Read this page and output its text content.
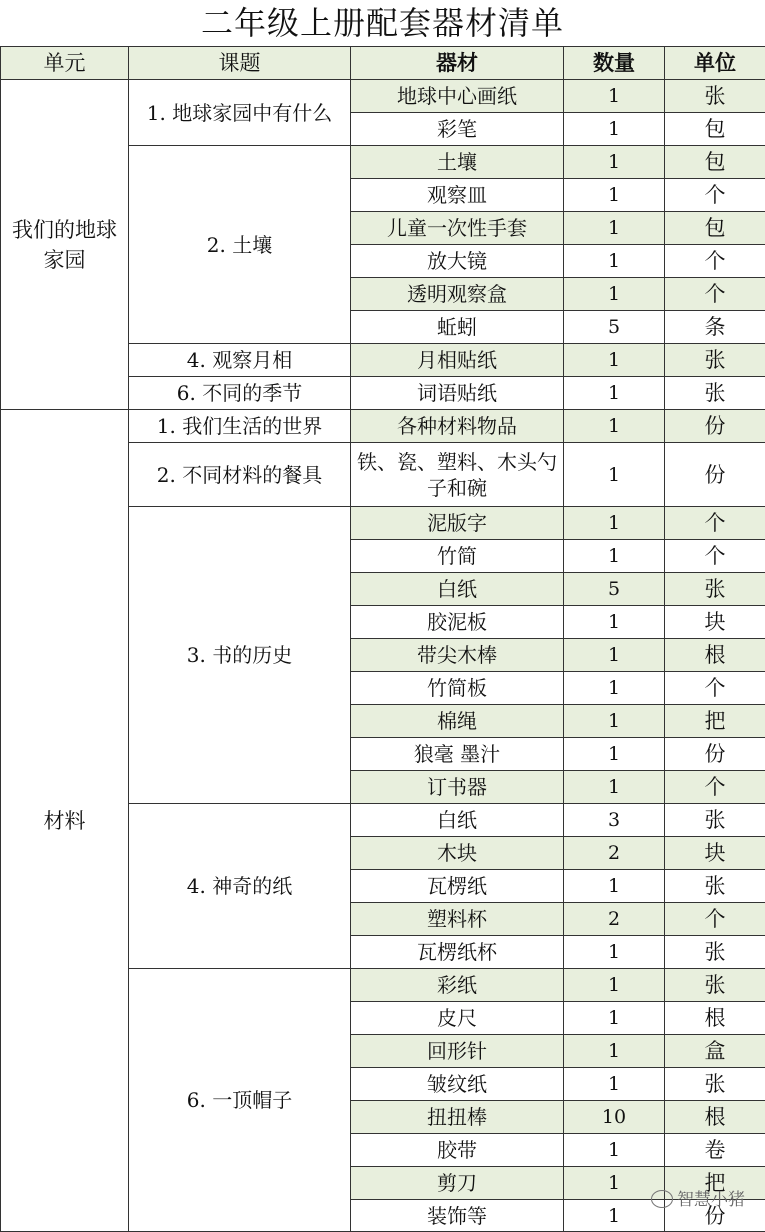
二年级上册配套器材清单
单元	课题	器材	数量	单位
我们的地球家园	1. 地球家园中有什么	地球中心画纸	1	张
		彩笔	1	包
	2. 土壤	土壤	1	包
		观察皿	1	个
		儿童一次性手套	1	包
		放大镜	1	个
		透明观察盒	1	个
		蚯蚓	5	条
	4. 观察月相	月相贴纸	1	张
	6. 不同的季节	词语贴纸	1	张
材料	1. 我们生活的世界	各种材料物品	1	份
	2. 不同材料的餐具	铁、瓷、塑料、木头勺子和碗	1	份
	3. 书的历史	泥版字	1	个
		竹简	1	个
		白纸	5	张
		胶泥板	1	块
		带尖木棒	1	根
		竹简板	1	个
		棉绳	1	把
		狼毫 墨汁	1	份
		订书器	1	个
	4. 神奇的纸	白纸	3	张
		木块	2	块
		瓦楞纸	1	张
		塑料杯	2	个
		瓦楞纸杯	1	张
	6. 一顶帽子	彩纸	1	张
		皮尺	1	根
		回形针	1	盒
		皱纹纸	1	张
		扭扭棒	10	根
		胶带	1	卷
		剪刀	1	把
		装饰等	1	份
智慧小猪
